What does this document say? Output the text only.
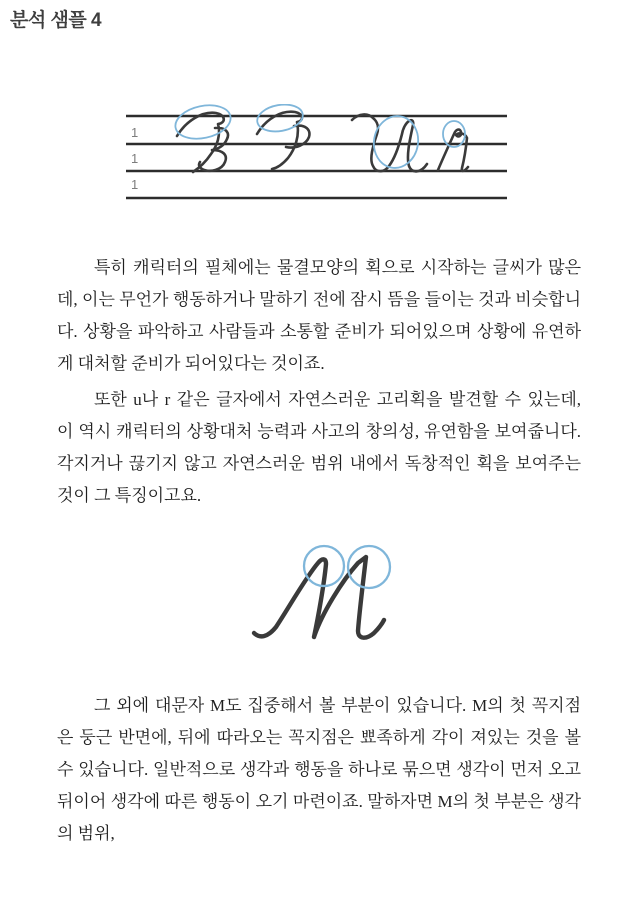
분석 샘플 4
1
1
1

특히 캐릭터의 필체에는 물결모양의 획으로 시작하는 글씨가 많은데, 이는 무언가 행동하거나 말하기 전에 잠시 뜸을 들이는 것과 비슷합니다. 상황을 파악하고 사람들과 소통할 준비가 되어있으며 상황에 유연하게 대처할 준비가 되어있다는 것이죠.

또한 u나 r 같은 글자에서 자연스러운 고리획을 발견할 수 있는데, 이 역시 캐릭터의 상황대처 능력과 사고의 창의성, 유연함을 보여줍니다. 각지거나 끊기지 않고 자연스러운 범위 내에서 독창적인 획을 보여주는 것이 그 특징이고요.

그 외에 대문자 M도 집중해서 볼 부분이 있습니다. M의 첫 꼭지점은 둥근 반면에, 뒤에 따라오는 꼭지점은 뾰족하게 각이 져있는 것을 볼 수 있습니다. 일반적으로 생각과 행동을 하나로 묶으면 생각이 먼저 오고 뒤이어 생각에 따른 행동이 오기 마련이죠. 말하자면 M의 첫 부분은 생각의 범위,
